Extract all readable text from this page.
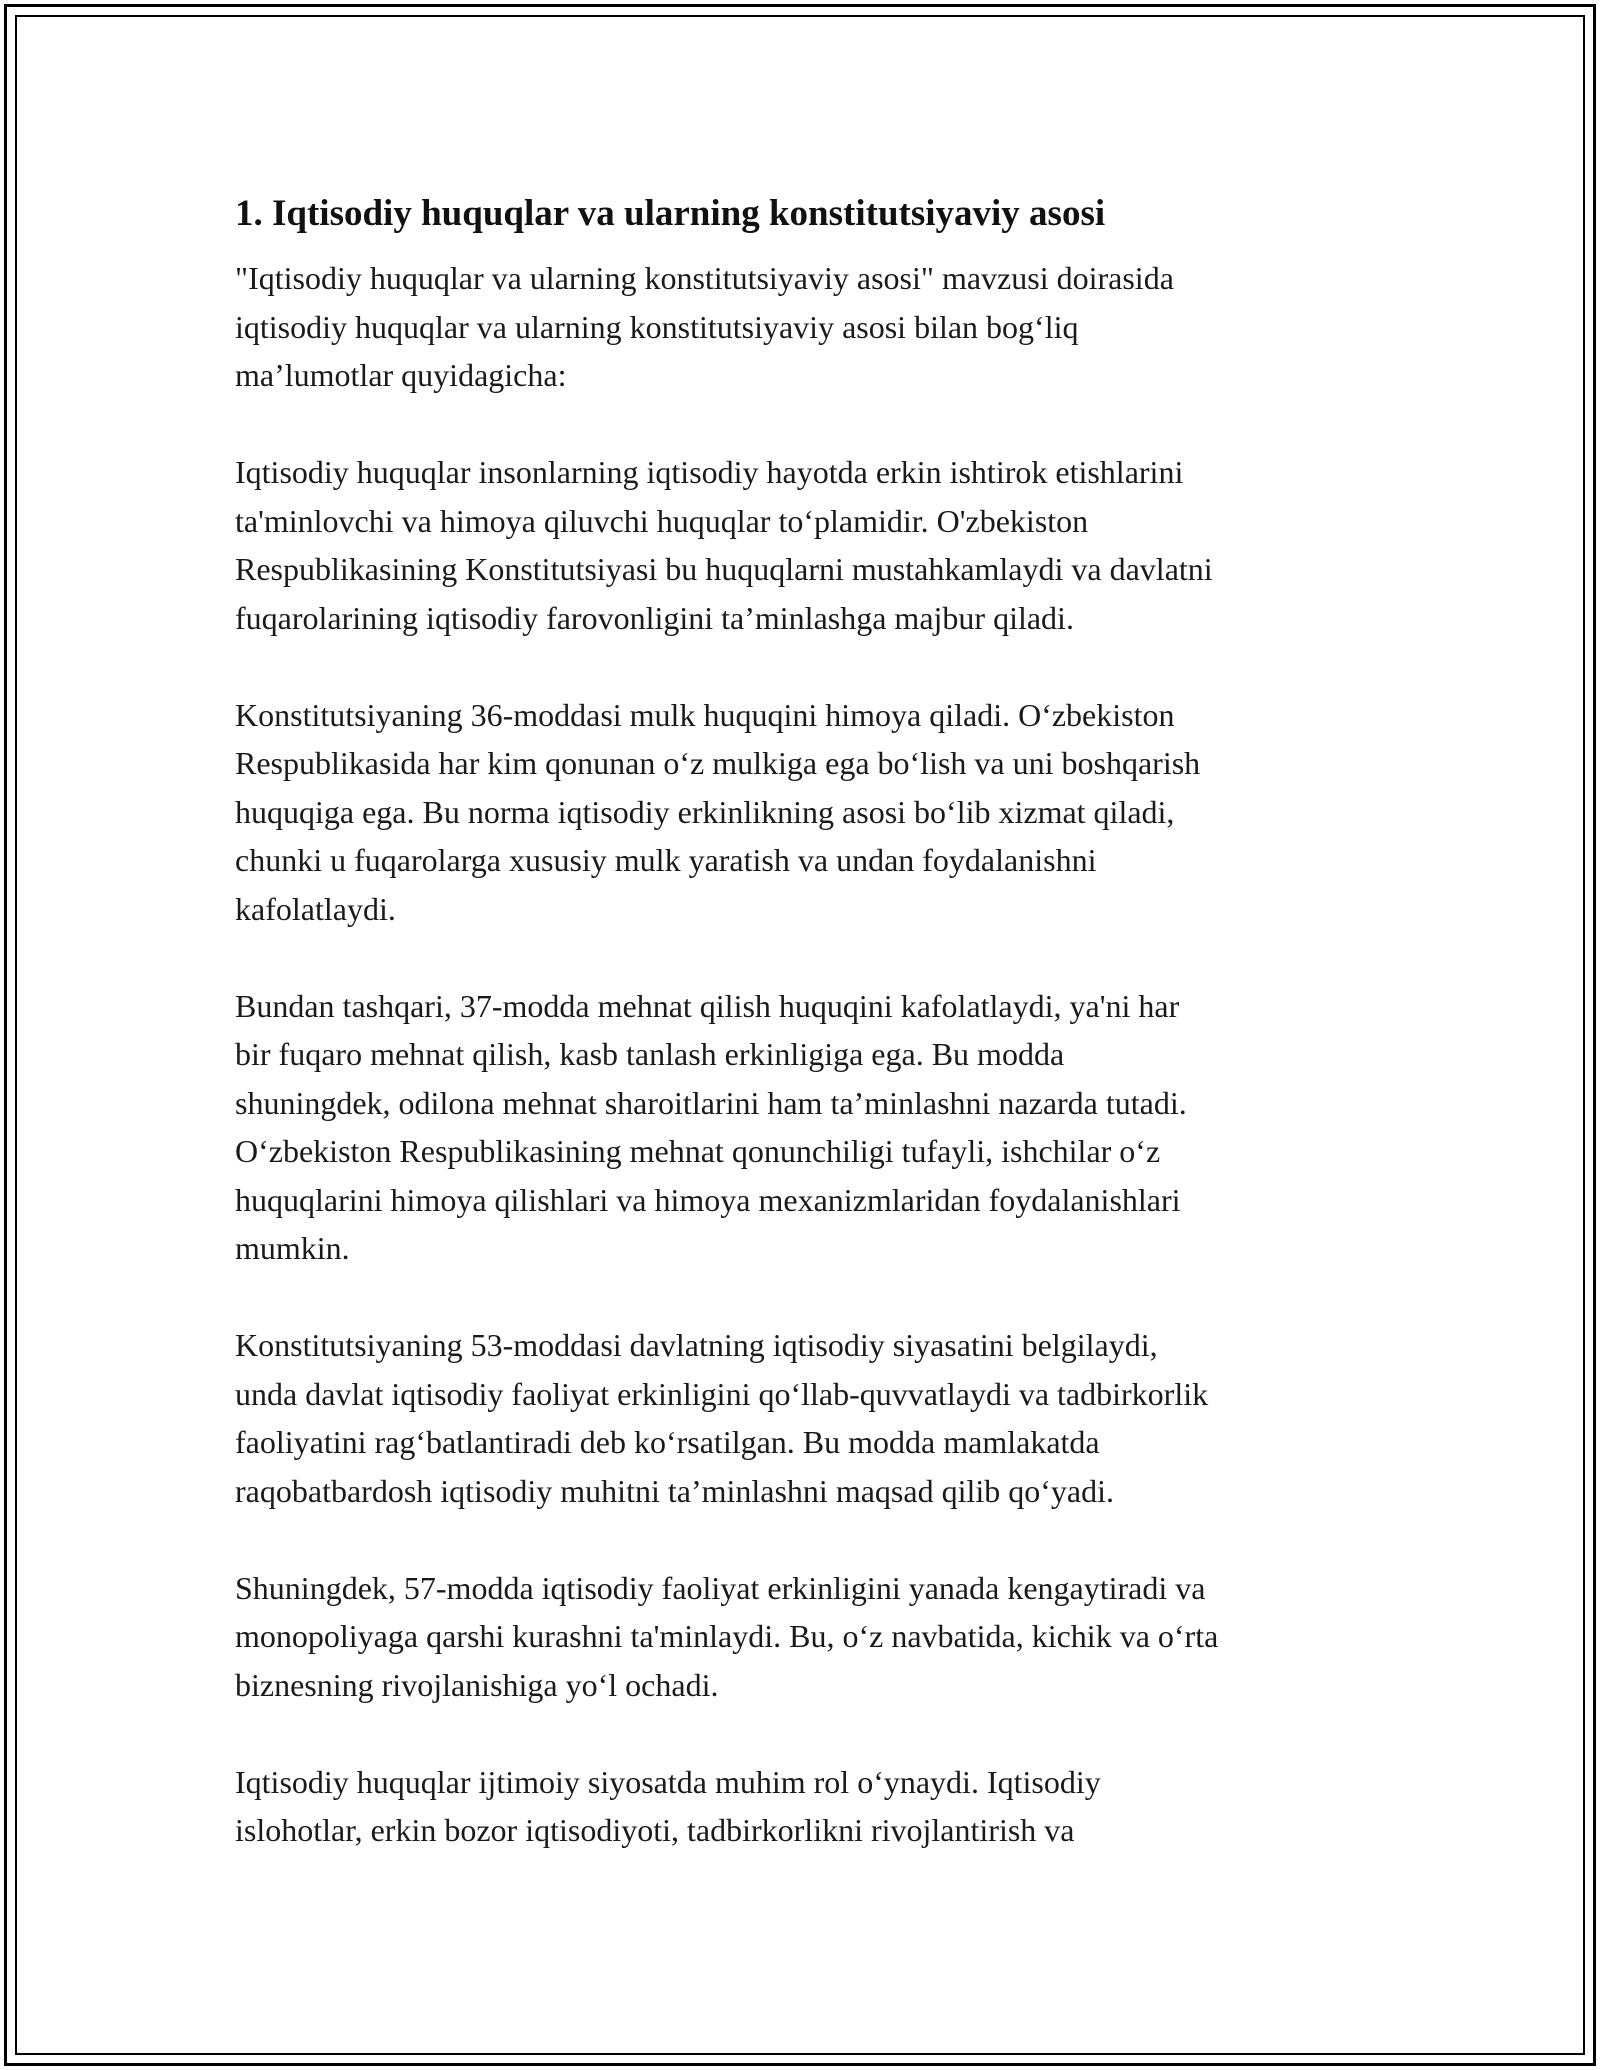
1. Iqtisodiy huquqlar va ularning konstitutsiyaviy asosi
"Iqtisodiy huquqlar va ularning konstitutsiyaviy asosi" mavzusi doirasida
iqtisodiy huquqlar va ularning konstitutsiyaviy asosi bilan bog‘liq
ma’lumotlar quyidagicha:
Iqtisodiy huquqlar insonlarning iqtisodiy hayotda erkin ishtirok etishlarini
ta'minlovchi va himoya qiluvchi huquqlar to‘plamidir. O'zbekiston
Respublikasining Konstitutsiyasi bu huquqlarni mustahkamlaydi va davlatni
fuqarolarining iqtisodiy farovonligini ta’minlashga majbur qiladi.
Konstitutsiyaning 36-moddasi mulk huquqini himoya qiladi. O‘zbekiston
Respublikasida har kim qonunan o‘z mulkiga ega bo‘lish va uni boshqarish
huquqiga ega. Bu norma iqtisodiy erkinlikning asosi bo‘lib xizmat qiladi,
chunki u fuqarolarga xususiy mulk yaratish va undan foydalanishni
kafolatlaydi.
Bundan tashqari, 37-modda mehnat qilish huquqini kafolatlaydi, ya'ni har
bir fuqaro mehnat qilish, kasb tanlash erkinligiga ega. Bu modda
shuningdek, odilona mehnat sharoitlarini ham ta’minlashni nazarda tutadi.
O‘zbekiston Respublikasining mehnat qonunchiligi tufayli, ishchilar o‘z
huquqlarini himoya qilishlari va himoya mexanizmlaridan foydalanishlari
mumkin.
Konstitutsiyaning 53-moddasi davlatning iqtisodiy siyasatini belgilaydi,
unda davlat iqtisodiy faoliyat erkinligini qo‘llab-quvvatlaydi va tadbirkorlik
faoliyatini rag‘batlantiradi deb ko‘rsatilgan. Bu modda mamlakatda
raqobatbardosh iqtisodiy muhitni ta’minlashni maqsad qilib qo‘yadi.
Shuningdek, 57-modda iqtisodiy faoliyat erkinligini yanada kengaytiradi va
monopoliyaga qarshi kurashni ta'minlaydi. Bu, o‘z navbatida, kichik va o‘rta
biznesning rivojlanishiga yo‘l ochadi.
Iqtisodiy huquqlar ijtimoiy siyosatda muhim rol o‘ynaydi. Iqtisodiy
islohotlar, erkin bozor iqtisodiyoti, tadbirkorlikni rivojlantirish va
